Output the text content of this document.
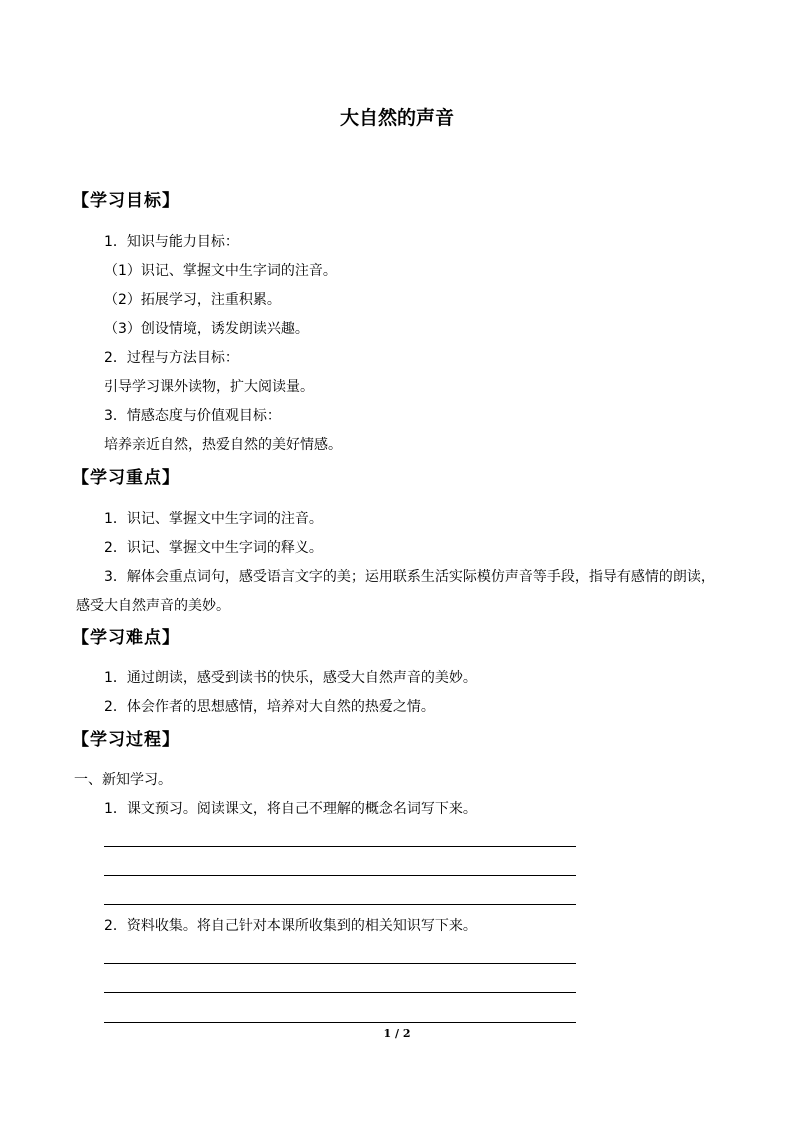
大自然的声音
【学习目标】
1．知识与能力目标：
（1）识记、掌握文中生字词的注音。
（2）拓展学习，注重积累。
（3）创设情境，诱发朗读兴趣。
2．过程与方法目标：
引导学习课外读物，扩大阅读量。
3．情感态度与价值观目标：
培养亲近自然，热爱自然的美好情感。
【学习重点】
1．识记、掌握文中生字词的注音。
2．识记、掌握文中生字词的释义。
3．解体会重点词句，感受语言文字的美；运用联系生活实际模仿声音等手段，指导有感情的朗读，感受大自然声音的美妙。
【学习难点】
1．通过朗读，感受到读书的快乐，感受大自然声音的美妙。
2．体会作者的思想感情，培养对大自然的热爱之情。
【学习过程】
一、新知学习。
1．课文预习。阅读课文，将自己不理解的概念名词写下来。
2．资料收集。将自己针对本课所收集到的相关知识写下来。
1 / 2
